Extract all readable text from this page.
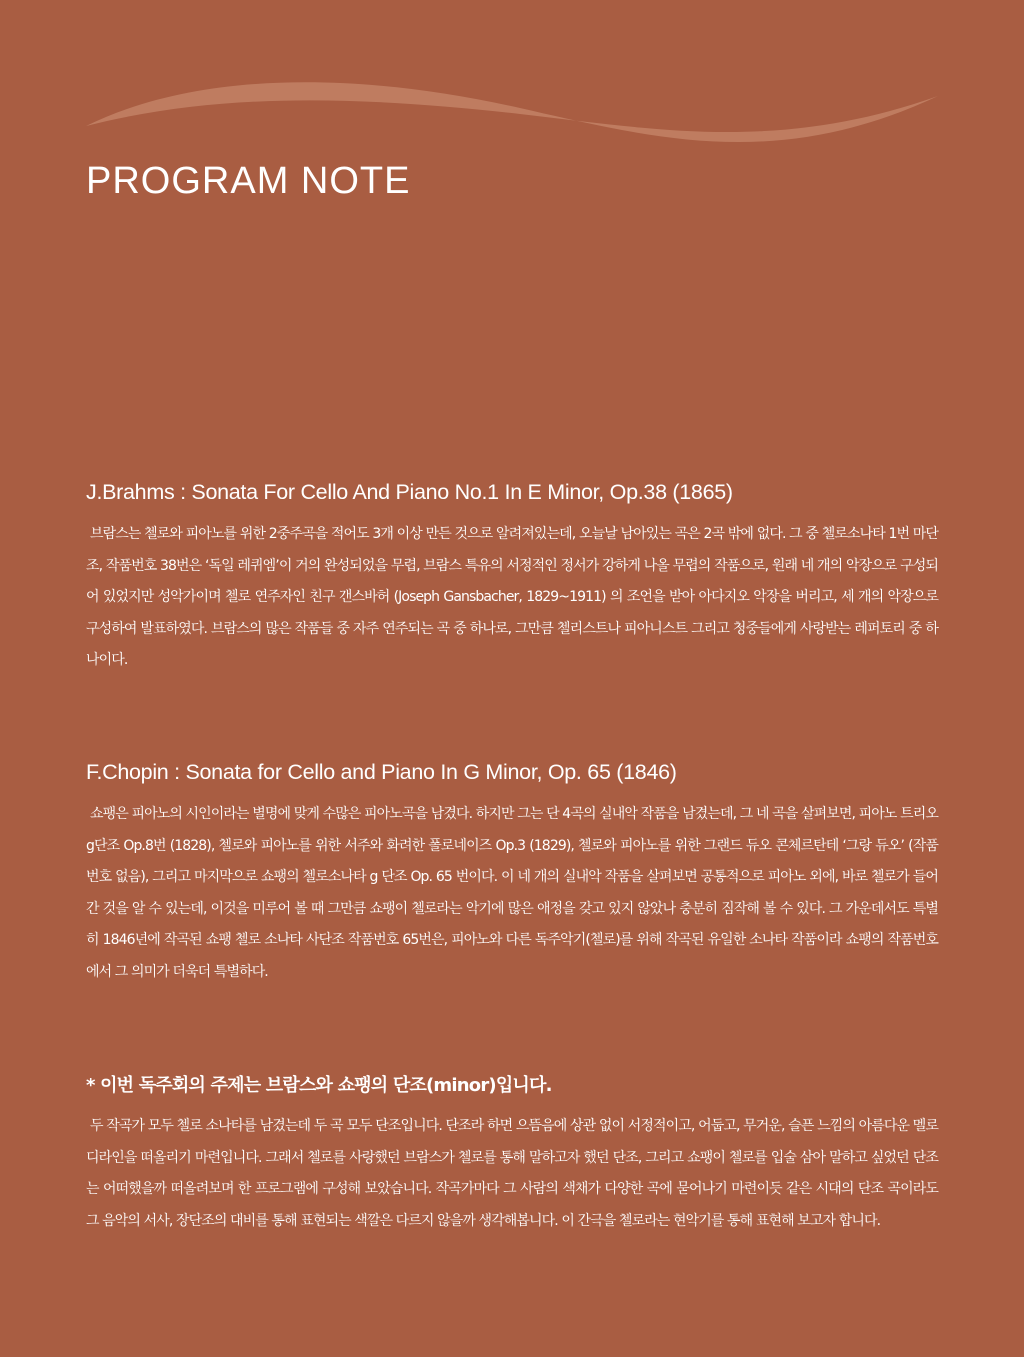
PROGRAM NOTE
J.Brahms : Sonata For Cello And Piano No.1 In E Minor, Op.38 (1865)

브람스는 첼로와 피아노를 위한 2중주곡을 적어도 3개 이상 만든 것으로 알려져있는데, 오늘날 남아있는 곡은 2곡 밖에 없다. 그 중 첼로소나타 1번 마단조, 작품번호 38번은 ‘독일 레퀴엠’이 거의 완성되었을 무렵, 브람스 특유의 서정적인 정서가 강하게 나올 무렵의 작품으로, 원래 네 개의 악장으로 구성되어 있었지만 성악가이며 첼로 연주자인 친구 갠스바허 (Joseph Gansbacher, 1829~1911) 의 조언을 받아 아다지오 악장을 버리고, 세 개의 악장으로 구성하여 발표하였다. 브람스의 많은 작품들 중 자주 연주되는 곡 중 하나로, 그만큼 첼리스트나 피아니스트 그리고 청중들에게 사랑받는 레퍼토리 중 하나이다.

F.Chopin : Sonata for Cello and Piano In G Minor, Op. 65 (1846)

쇼팽은 피아노의 시인이라는 별명에 맞게 수많은 피아노곡을 남겼다. 하지만 그는 단 4곡의 실내악 작품을 남겼는데, 그 네 곡을 살펴보면, 피아노 트리오 g단조 Op.8번 (1828), 첼로와 피아노를 위한 서주와 화려한 폴로네이즈 Op.3 (1829), 첼로와 피아노를 위한 그랜드 듀오 콘체르탄테 ‘그랑 듀오’ (작품번호 없음), 그리고 마지막으로 쇼팽의 첼로소나타 g 단조 Op. 65 번이다. 이 네 개의 실내악 작품을 살펴보면 공통적으로 피아노 외에, 바로 첼로가 들어간 것을 알 수 있는데, 이것을 미루어 볼 때 그만큼 쇼팽이 첼로라는 악기에 많은 애정을 갖고 있지 않았나 충분히 짐작해 볼 수 있다. 그 가운데서도 특별히 1846년에 작곡된 쇼팽 첼로 소나타 사단조 작품번호 65번은, 피아노와 다른 독주악기(첼로)를 위해 작곡된 유일한 소나타 작품이라 쇼팽의 작품번호에서 그 의미가 더욱더 특별하다.

* 이번 독주회의 주제는 브람스와 쇼팽의 단조(minor)입니다.

두 작곡가 모두 첼로 소나타를 남겼는데 두 곡 모두 단조입니다. 단조라 하면 으뜸음에 상관 없이 서정적이고, 어둡고, 무거운, 슬픈 느낌의 아름다운 멜로디라인을 떠올리기 마련입니다. 그래서 첼로를 사랑했던 브람스가 첼로를 통해 말하고자 했던 단조, 그리고 쇼팽이 첼로를 입술 삼아 말하고 싶었던 단조는 어떠했을까 떠올려보며 한 프로그램에 구성해 보았습니다. 작곡가마다 그 사람의 색채가 다양한 곡에 묻어나기 마련이듯 같은 시대의 단조 곡이라도 그 음악의 서사, 장단조의 대비를 통해 표현되는 색깔은 다르지 않을까 생각해봅니다. 이 간극을 첼로라는 현악기를 통해 표현해 보고자 합니다.
